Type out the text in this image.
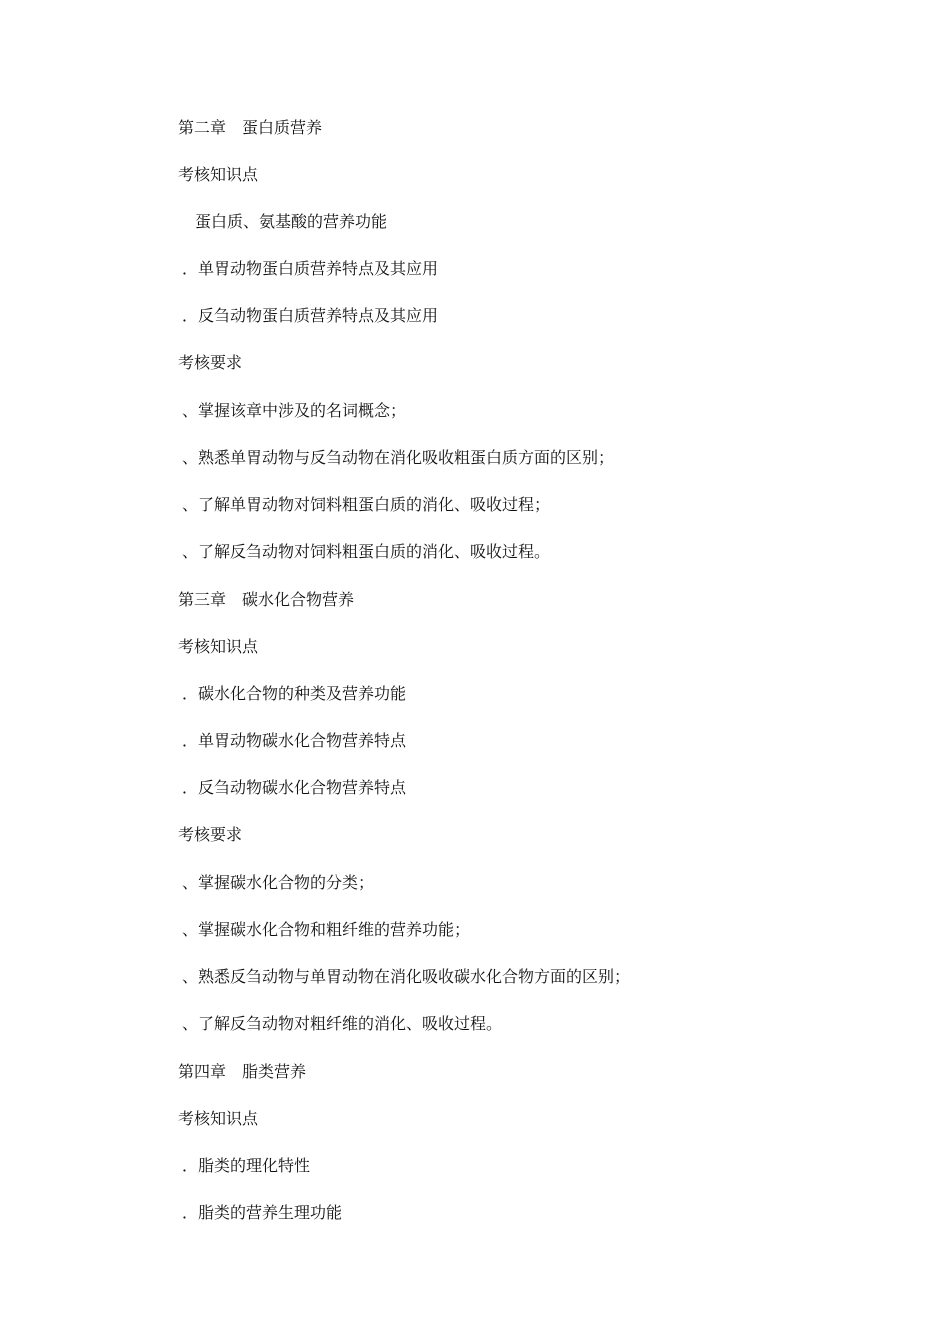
第二章　蛋白质营养
考核知识点
蛋白质、氨基酸的营养功能
．单胃动物蛋白质营养特点及其应用
．反刍动物蛋白质营养特点及其应用
考核要求
、掌握该章中涉及的名词概念；
、熟悉单胃动物与反刍动物在消化吸收粗蛋白质方面的区别；
、了解单胃动物对饲料粗蛋白质的消化、吸收过程；
、了解反刍动物对饲料粗蛋白质的消化、吸收过程。
第三章　碳水化合物营养
考核知识点
．碳水化合物的种类及营养功能
．单胃动物碳水化合物营养特点
．反刍动物碳水化合物营养特点
考核要求
、掌握碳水化合物的分类；
、掌握碳水化合物和粗纤维的营养功能；
、熟悉反刍动物与单胃动物在消化吸收碳水化合物方面的区别；
、了解反刍动物对粗纤维的消化、吸收过程。
第四章　脂类营养
考核知识点
．脂类的理化特性
．脂类的营养生理功能
